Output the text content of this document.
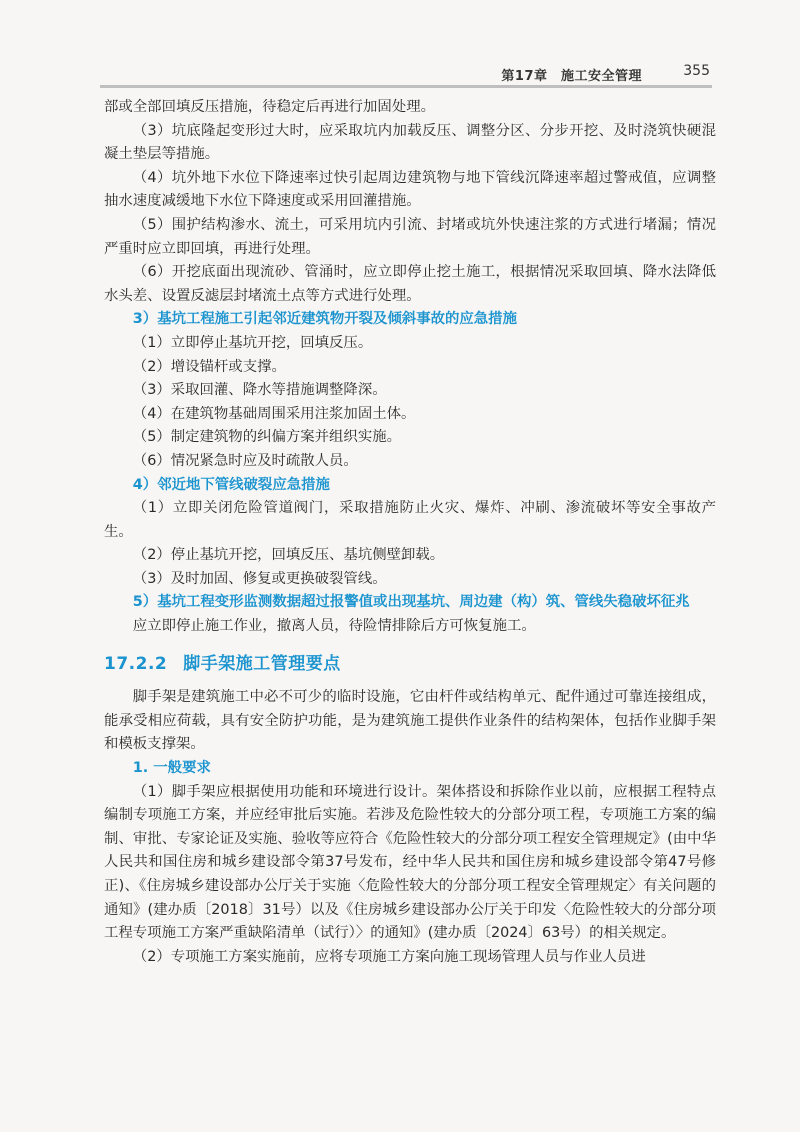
第17章　施工安全管理	355

部或全部回填反压措施，待稳定后再进行加固处理。

（3）坑底隆起变形过大时，应采取坑内加载反压、调整分区、分步开挖、及时浇筑快硬混凝土垫层等措施。

（4）坑外地下水位下降速率过快引起周边建筑物与地下管线沉降速率超过警戒值，应调整抽水速度减缓地下水位下降速度或采用回灌措施。

（5）围护结构渗水、流土，可采用坑内引流、封堵或坑外快速注浆的方式进行堵漏；情况严重时应立即回填，再进行处理。

（6）开挖底面出现流砂、管涌时，应立即停止挖土施工，根据情况采取回填、降水法降低水头差、设置反滤层封堵流土点等方式进行处理。

3）基坑工程施工引起邻近建筑物开裂及倾斜事故的应急措施

（1）立即停止基坑开挖，回填反压。

（2）增设锚杆或支撑。

（3）采取回灌、降水等措施调整降深。

（4）在建筑物基础周围采用注浆加固土体。

（5）制定建筑物的纠偏方案并组织实施。

（6）情况紧急时应及时疏散人员。

4）邻近地下管线破裂应急措施

（1）立即关闭危险管道阀门，采取措施防止火灾、爆炸、冲刷、渗流破坏等安全事故产生。

（2）停止基坑开挖，回填反压、基坑侧壁卸载。

（3）及时加固、修复或更换破裂管线。

5）基坑工程变形监测数据超过报警值或出现基坑、周边建（构）筑、管线失稳破坏征兆

应立即停止施工作业，撤离人员，待险情排除后方可恢复施工。

17.2.2 脚手架施工管理要点

脚手架是建筑施工中必不可少的临时设施，它由杆件或结构单元、配件通过可靠连接组成，能承受相应荷载，具有安全防护功能，是为建筑施工提供作业条件的结构架体，包括作业脚手架和模板支撑架。

1. 一般要求

（1）脚手架应根据使用功能和环境进行设计。架体搭设和拆除作业以前，应根据工程特点编制专项施工方案，并应经审批后实施。若涉及危险性较大的分部分项工程，专项施工方案的编制、审批、专家论证及实施、验收等应符合《危险性较大的分部分项工程安全管理规定》(由中华人民共和国住房和城乡建设部令第37号发布，经中华人民共和国住房和城乡建设部令第47号修正)、《住房城乡建设部办公厅关于实施〈危险性较大的分部分项工程安全管理规定〉有关问题的通知》(建办质〔2018〕31号）以及《住房城乡建设部办公厅关于印发〈危险性较大的分部分项工程专项施工方案严重缺陷清单（试行）〉的通知》(建办质〔2024〕63号）的相关规定。

（2）专项施工方案实施前，应将专项施工方案向施工现场管理人员与作业人员进
